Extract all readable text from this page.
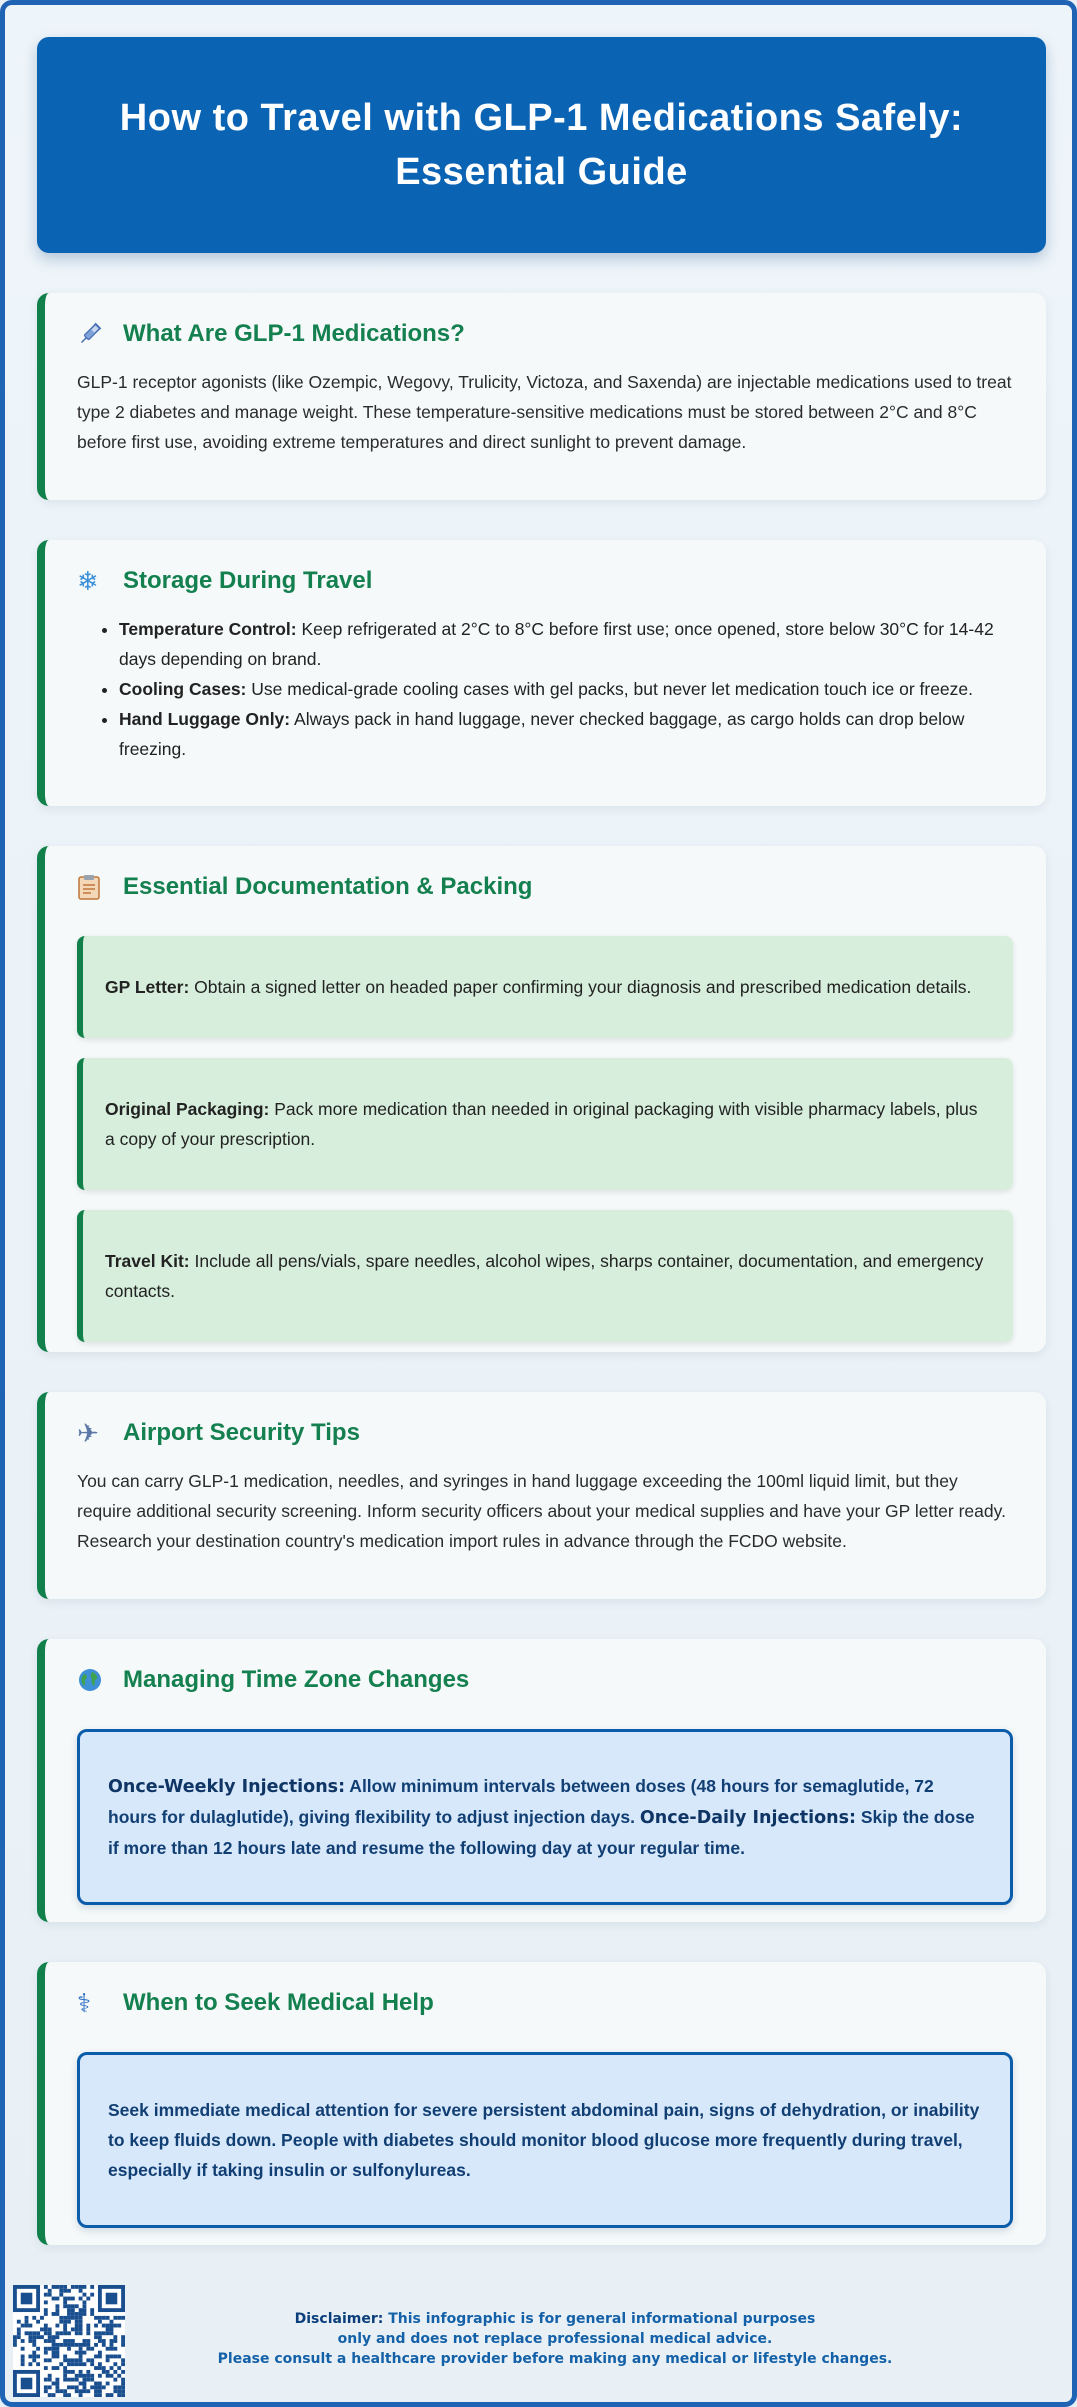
How to Travel with GLP-1 Medications Safely: Essential Guide
What Are GLP-1 Medications?

GLP-1 receptor agonists (like Ozempic, Wegovy, Trulicity, Victoza, and Saxenda) are injectable medications used to treat type 2 diabetes and manage weight. These temperature-sensitive medications must be stored between 2°C and 8°C before first use, avoiding extreme temperatures and direct sunlight to prevent damage.

❄	Storage During Travel
• Temperature Control: Keep refrigerated at 2°C to 8°C before first use; once opened, store below 30°C for 14-42 days depending on brand.
• Cooling Cases: Use medical-grade cooling cases with gel packs, but never let medication touch ice or freeze.
• Hand Luggage Only: Always pack in hand luggage, never checked baggage, as cargo holds can drop below freezing.
Essential Documentation & Packing
GP Letter: Obtain a signed letter on headed paper confirming your diagnosis and prescribed medication details.
Original Packaging: Pack more medication than needed in original packaging with visible pharmacy labels, plus a copy of your prescription.
Travel Kit: Include all pens/vials, spare needles, alcohol wipes, sharps container, documentation, and emergency contacts.
✈	Airport Security Tips

You can carry GLP-1 medication, needles, and syringes in hand luggage exceeding the 100ml liquid limit, but they require additional security screening. Inform security officers about your medical supplies and have your GP letter ready. Research your destination country's medication import rules in advance through the FCDO website.

Managing Time Zone Changes
Once-Weekly Injections: Allow minimum intervals between doses (48 hours for semaglutide, 72 hours for dulaglutide), giving flexibility to adjust injection days. Once-Daily Injections: Skip the dose if more than 12 hours late and resume the following day at your regular time.
⚕	When to Seek Medical Help
Seek immediate medical attention for severe persistent abdominal pain, signs of dehydration, or inability to keep fluids down. People with diabetes should monitor blood glucose more frequently during travel, especially if taking insulin or sulfonylureas.
Disclaimer: This infographic is for general informational purposes
only and does not replace professional medical advice.
Please consult a healthcare provider before making any medical or lifestyle changes.
